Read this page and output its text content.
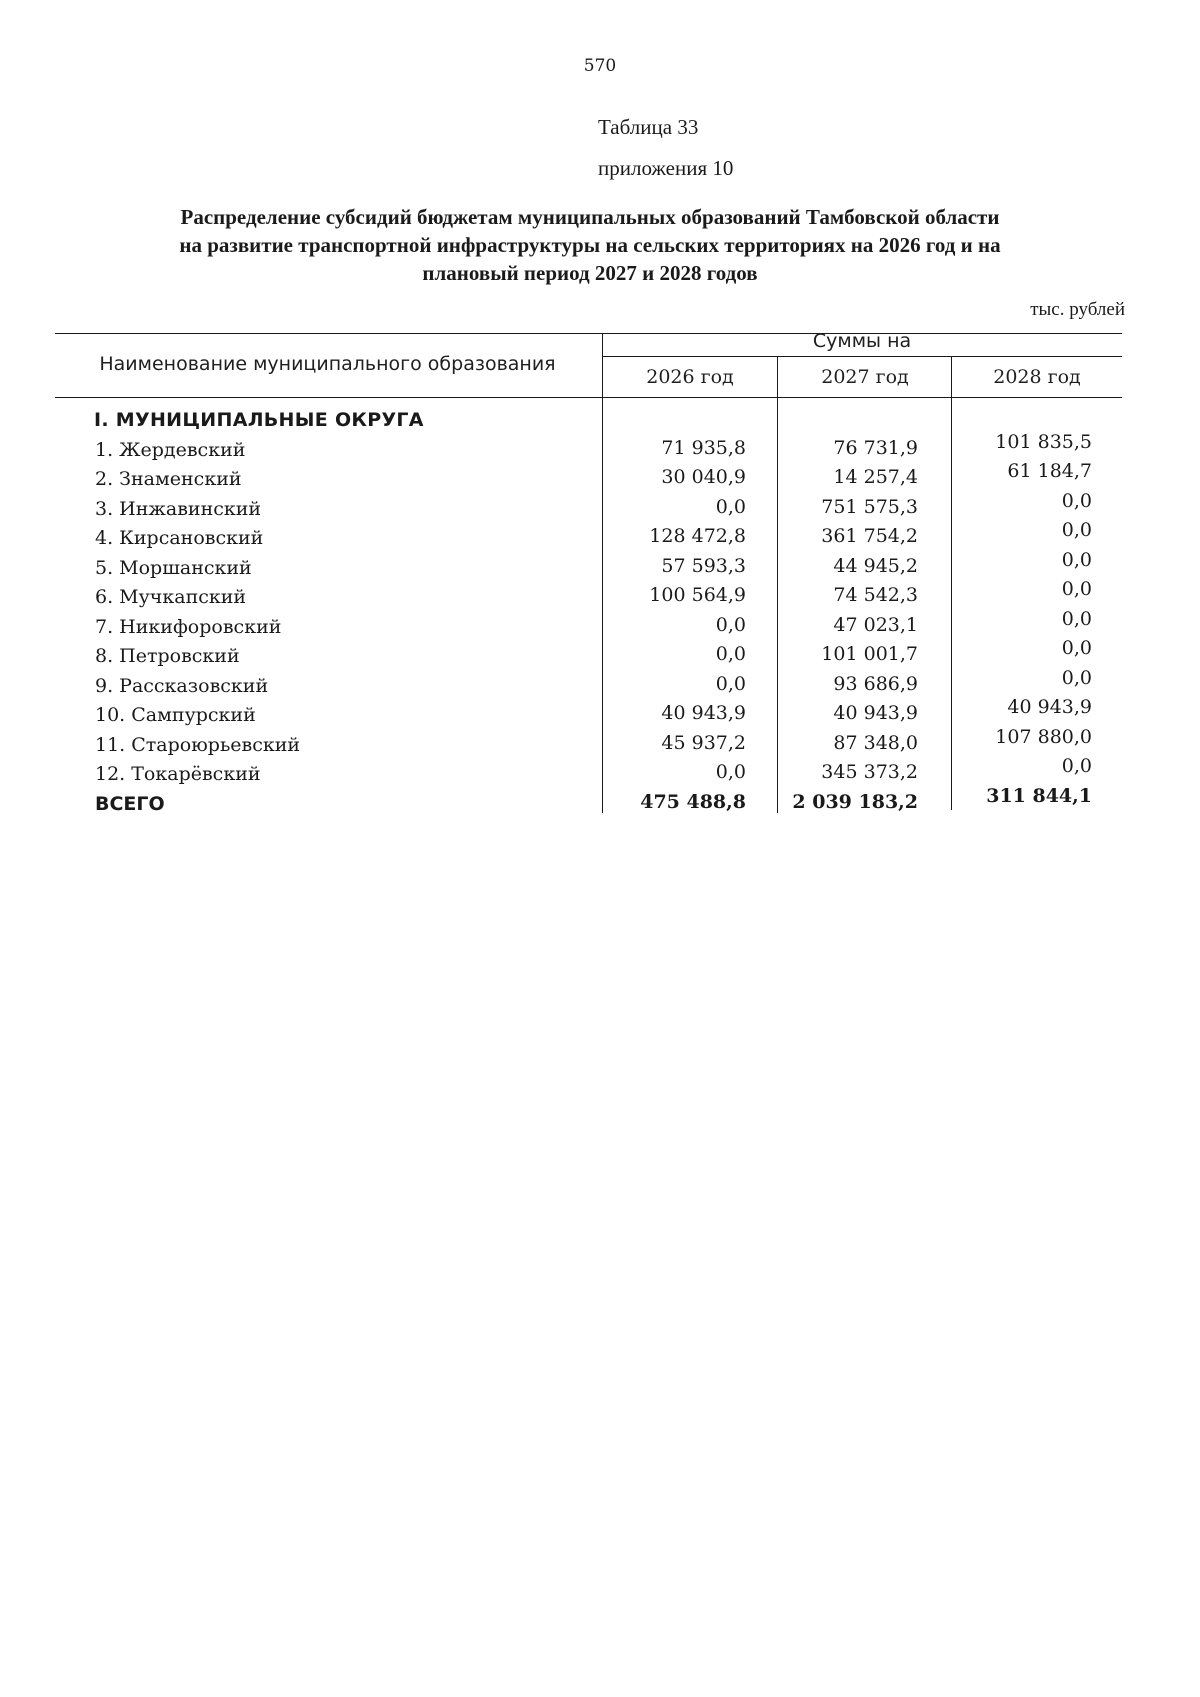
570
Таблица 33
приложения 10
Распределение субсидий бюджетам муниципальных образований Тамбовской области
на развитие транспортной инфраструктуры на сельских территориях на 2026 год и на
плановый период 2027 и 2028 годов
тыс. рублей
Наименование муниципального образования
Суммы на
2026 год	2027 год	2028 год
I. МУНИЦИПАЛЬНЫЕ ОКРУГА
1. Жердевский	71 935,8	76 731,9	101 835,5
2. Знаменский	30 040,9	14 257,4	61 184,7
3. Инжавинский	0,0	751 575,3	0,0
4. Кирсановский	128 472,8	361 754,2	0,0
5. Моршанский	57 593,3	44 945,2	0,0
6. Мучкапский	100 564,9	74 542,3	0,0
7. Никифоровский	0,0	47 023,1	0,0
8. Петровский	0,0	101 001,7	0,0
9. Рассказовский	0,0	93 686,9	0,0
10. Сампурский	40 943,9	40 943,9	40 943,9
11. Староюрьевский	45 937,2	87 348,0	107 880,0
12. Токарёвский	0,0	345 373,2	0,0
ВСЕГО	475 488,8	2 039 183,2	311 844,1
